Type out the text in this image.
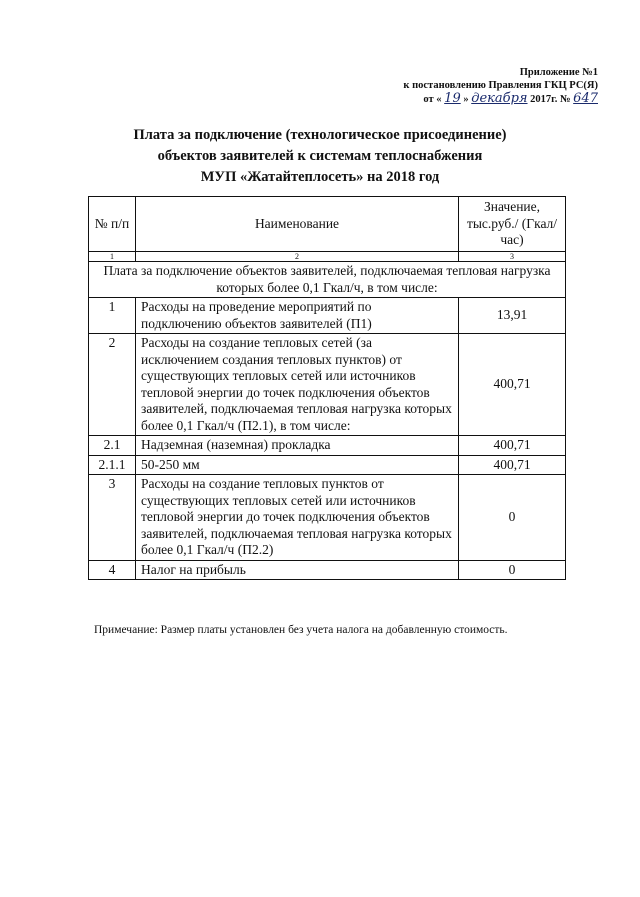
Приложение №1
к постановлению Правления ГКЦ РС(Я)
от « 19 » декабря 2017г. № 647
Плата за подключение (технологическое присоединение)
объектов заявителей к системам теплоснабжения
МУП «Жатайтеплосеть» на 2018 год
№ п/п	Наименование	Значение, тыс.руб./ (Гкал/час)
1	2	3
Плата за подключение объектов заявителей, подключаемая тепловая нагрузка которых более 0,1 Гкал/ч, в том числе:		
1	Расходы на проведение мероприятий по подключению объектов заявителей (П1)	13,91
2	Расходы на создание тепловых сетей (за исключением создания тепловых пунктов) от существующих тепловых сетей или источников тепловой энергии до точек подключения объектов заявителей, подключаемая тепловая нагрузка которых более 0,1 Гкал/ч (П2.1), в том числе:	400,71
2.1	Надземная (наземная) прокладка	400,71
2.1.1	50-250 мм	400,71
3	Расходы на создание тепловых пунктов от существующих тепловых сетей или источников тепловой энергии до точек подключения объектов заявителей, подключаемая тепловая нагрузка которых более 0,1 Гкал/ч (П2.2)	0
4	Налог на прибыль	0
Примечание: Размер платы установлен без учета налога на добавленную стоимость.
